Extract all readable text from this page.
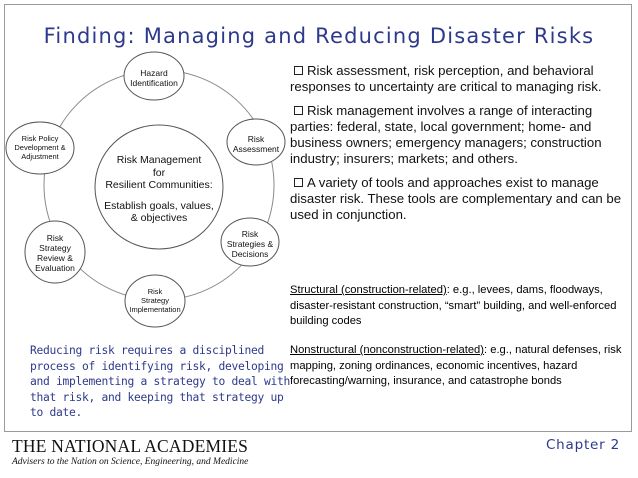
Finding: Managing and Reducing Disaster Risks
Hazard
Identification
Risk
Assessment
Risk
Strategies &
Decisions
Risk
Strategy
Implementation
Risk
Strategy
Review &
Evaluation
Risk Policy
Development &
Adjustment	Risk Management
for
Resilient Communities:
Establish goals, values,
& objectives
Risk assessment, risk perception, and behavioral responses to uncertainty are critical to managing risk.
Risk management involves a range of interacting parties: federal, state, local government; home- and business owners; emergency managers; construction industry; insurers; markets; and others.
A variety of tools and approaches exist to manage disaster risk. These tools are complementary and can be used in conjunction.
Structural (construction-related): e.g., levees, dams, floodways, disaster-resistant construction, “smart” building, and well-enforced building codes
Nonstructural (nonconstruction-related): e.g., natural defenses, risk mapping, zoning ordinances, economic incentives, hazard forecasting/warning, insurance, and catastrophe bonds
Reducing risk requires a disciplined process of identifying risk, developing and implementing a strategy to deal with that risk, and keeping that strategy up to date.
THE NATIONAL ACADEMIES
Advisers to the Nation on Science, Engineering, and Medicine
Chapter 2
